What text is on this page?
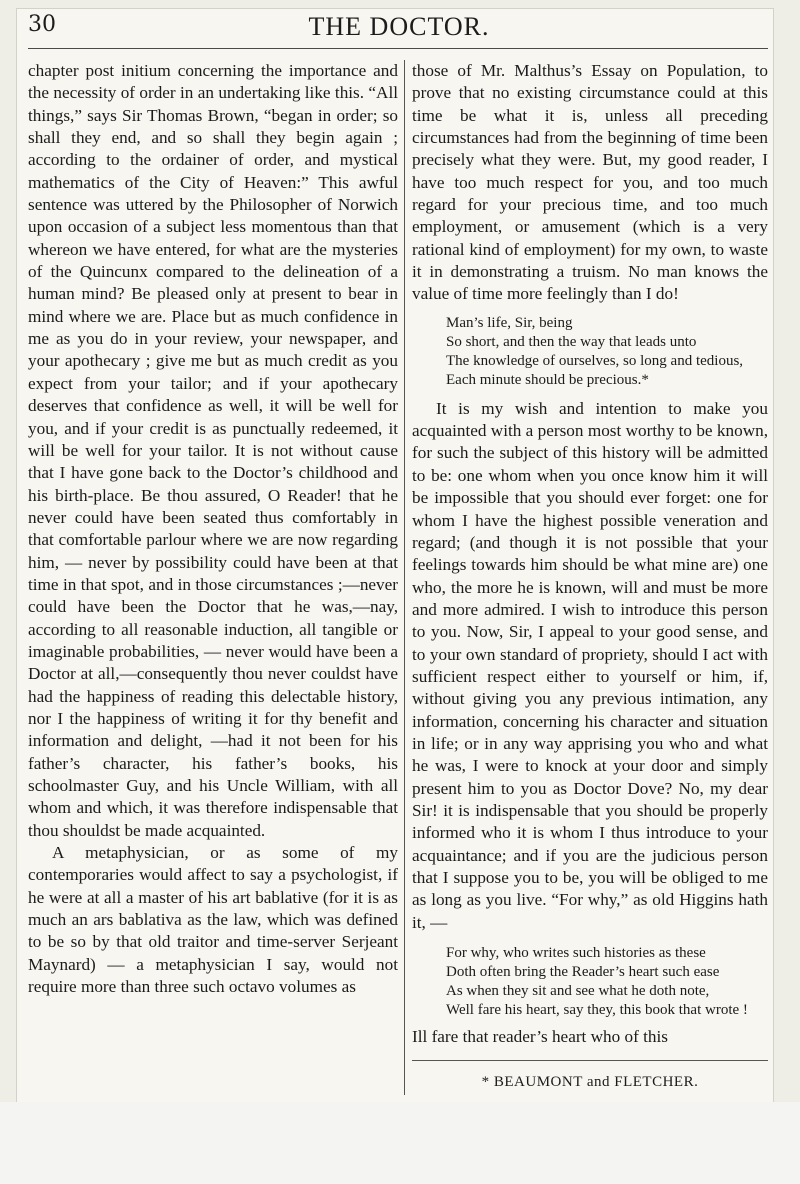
30	THE DOCTOR.

chapter post initium concerning the importance and the necessity of order in an undertaking like this. “All things,” says Sir Thomas Brown, “began in order; so shall they end, and so shall they begin again ; according to the ordainer of order, and mystical mathematics of the City of Heaven:” This awful sentence was uttered by the Philosopher of Norwich upon occasion of a subject less momentous than that whereon we have entered, for what are the mysteries of the Quincunx compared to the delineation of a human mind? Be pleased only at present to bear in mind where we are. Place but as much confidence in me as you do in your review, your newspaper, and your apothecary ; give me but as much credit as you expect from your tailor; and if your apothecary deserves that confidence as well, it will be well for you, and if your credit is as punctually redeemed, it will be well for your tailor. It is not without cause that I have gone back to the Doctor’s childhood and his birth-place. Be thou assured, O Reader! that he never could have been seated thus comfortably in that comfortable parlour where we are now regarding him, — never by possibility could have been at that time in that spot, and in those circumstances ;—never could have been the Doctor that he was,—nay, according to all reasonable induction, all tangible or imaginable probabilities, — never would have been a Doctor at all,—consequently thou never couldst have had the happiness of reading this delectable history, nor I the happiness of writing it for thy benefit and information and delight, —had it not been for his father’s character, his father’s books, his schoolmaster Guy, and his Uncle William, with all whom and which, it was therefore indispensable that thou shouldst be made acquainted.

A metaphysician, or as some of my contemporaries would affect to say a psychologist, if he were at all a master of his art bablative (for it is as much an ars bablativa as the law, which was defined to be so by that old traitor and time-server Serjeant Maynard) — a metaphysician I say, would not require more than three such octavo volumes as

those of Mr. Malthus’s Essay on Population, to prove that no existing circumstance could at this time be what it is, unless all preceding circumstances had from the beginning of time been precisely what they were. But, my good reader, I have too much respect for you, and too much regard for your precious time, and too much employment, or amusement (which is a very rational kind of employment) for my own, to waste it in demonstrating a truism. No man knows the value of time more feelingly than I do!

Man’s life, Sir, being
So short, and then the way that leads unto
The knowledge of ourselves, so long and tedious,
Each minute should be precious.*

It is my wish and intention to make you acquainted with a person most worthy to be known, for such the subject of this history will be admitted to be: one whom when you once know him it will be impossible that you should ever forget: one for whom I have the highest possible veneration and regard; (and though it is not possible that your feelings towards him should be what mine are) one who, the more he is known, will and must be more and more admired. I wish to introduce this person to you. Now, Sir, I appeal to your good sense, and to your own standard of propriety, should I act with sufficient respect either to yourself or him, if, without giving you any previous intimation, any information, concerning his character and situation in life; or in any way apprising you who and what he was, I were to knock at your door and simply present him to you as Doctor Dove? No, my dear Sir! it is indispensable that you should be properly informed who it is whom I thus introduce to your acquaintance; and if you are the judicious person that I suppose you to be, you will be obliged to me as long as you live. “For why,” as old Higgins hath it, —

For why, who writes such histories as these
Doth often bring the Reader’s heart such ease
As when they sit and see what he doth note,
Well fare his heart, say they, this book that wrote !

Ill fare that reader’s heart who of this

* BEAUMONT and FLETCHER.
